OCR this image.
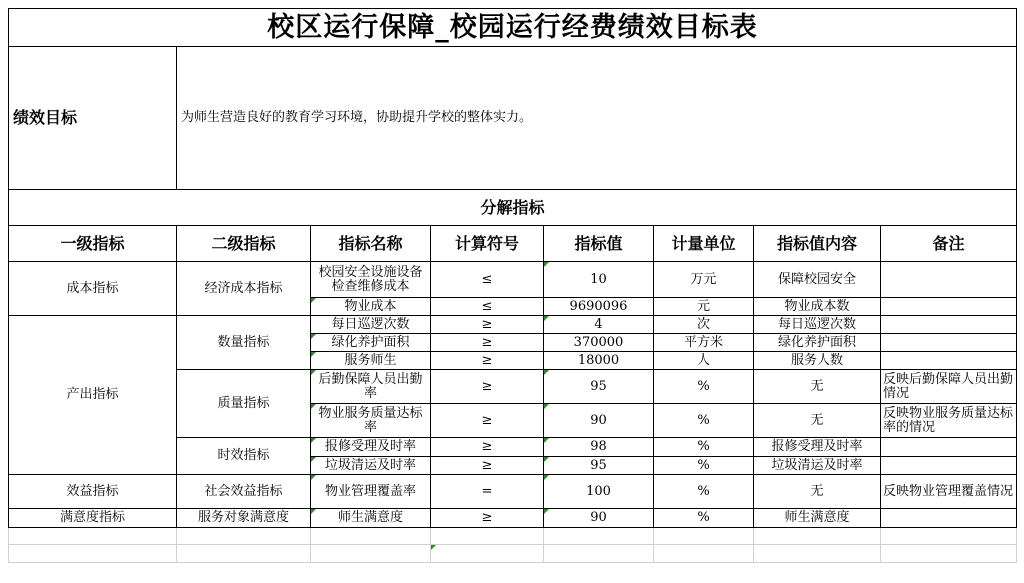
校区运行保障_校园运行经费绩效目标表							
绩效目标	为师生营造良好的教育学习环境，协助提升学校的整体实力。						
分解指标							
一级指标	二级指标	指标名称	计算符号	指标值	计量单位	指标值内容	备注
成本指标	经济成本指标	校园安全设施设备检查维修成本	≤	10	万元	保障校园安全	
		物业成本	≤	9690096	元	物业成本数	
产出指标	数量指标	每日巡逻次数	≥	4	次	每日巡逻次数	
		绿化养护面积	≥	370000	平方米	绿化养护面积	
		服务师生	≥	18000	人	服务人数	
	质量指标	后勤保障人员出勤率	≥	95	%	无	反映后勤保障人员出勤情况
		物业服务质量达标率	≥	90	%	无	反映物业服务质量达标率的情况
	时效指标	报修受理及时率	≥	98	%	报修受理及时率	
		垃圾清运及时率	≥	95	%	垃圾清运及时率	
效益指标	社会效益指标	物业管理覆盖率	=	100	%	无	反映物业管理覆盖情况
满意度指标	服务对象满意度	师生满意度	≥	90	%	师生满意度	
